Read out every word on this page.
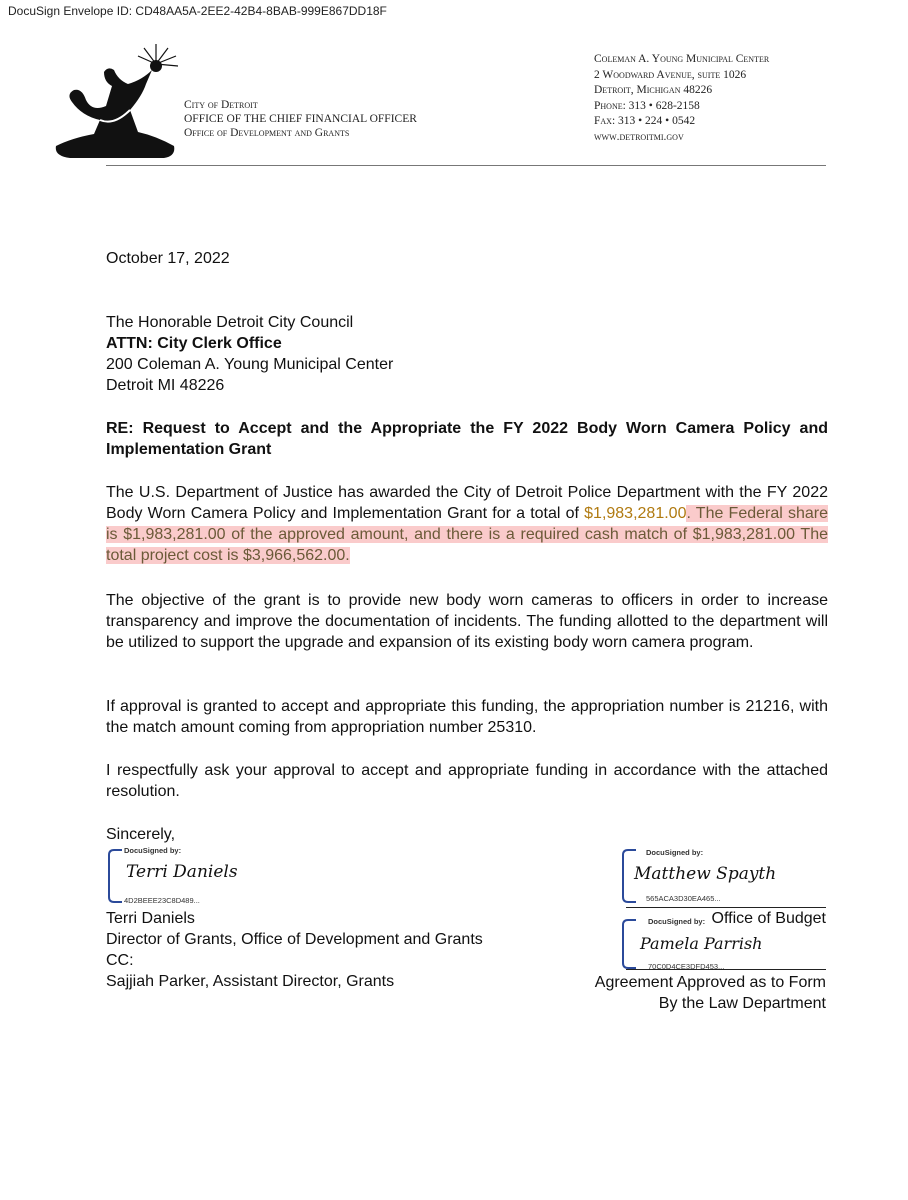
DocuSign Envelope ID: CD48AA5A-2EE2-42B4-8BAB-999E867DD18F
City of Detroit
OFFICE OF THE CHIEF FINANCIAL OFFICER
Office of Development and Grants
Coleman A. Young Municipal Center
2 Woodward Avenue, suite 1026
Detroit, Michigan 48226
Phone: 313 • 628-2158
Fax: 313 • 224 • 0542
www.detroitmi.gov
October 17, 2022
The Honorable Detroit City Council
ATTN: City Clerk Office
200 Coleman A. Young Municipal Center
Detroit MI 48226
RE: Request to Accept and the Appropriate the FY 2022 Body Worn Camera Policy and Implementation Grant
The U.S. Department of Justice has awarded the City of Detroit Police Department with the FY 2022 Body Worn Camera Policy and Implementation Grant for a total of $1,983,281.00. The Federal share is $1,983,281.00 of the approved amount, and there is a required cash match of $1,983,281.00 The total project cost is $3,966,562.00.
The objective of the grant is to provide new body worn cameras to officers in order to increase transparency and improve the documentation of incidents. The funding allotted to the department will be utilized to support the upgrade and expansion of its existing body worn camera program.
If approval is granted to accept and appropriate this funding, the appropriation number is 21216, with the match amount coming from appropriation number 25310.
I respectfully ask your approval to accept and appropriate funding in accordance with the attached resolution.
Sincerely,
DocuSigned by:
Terri Daniels
4D2BEEE23C8D489...
Terri Daniels
Director of Grants, Office of Development and Grants
CC:
Sajjiah Parker, Assistant Director, Grants
DocuSigned by:
Matthew Spayth
565ACA3D30EA465...
Office of Budget
DocuSigned by:
Pamela Parrish
70C0D4CE3DFD453...
Agreement Approved as to Form
By the Law Department
